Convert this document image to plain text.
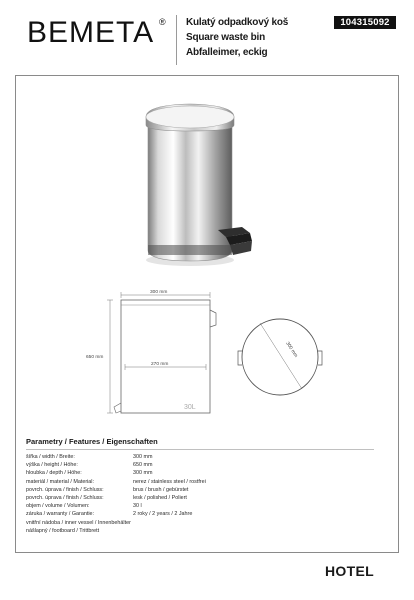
BEMETA ® Kulatý odpadkový koš
Square waste bin
Abfalleimer, eckig
104315092
300 mm
650 mm
270 mm
30L
300 mm
Parametry / Features / Eigenschaften
šířka / width / Breite:	300 mm
výška / height / Höhe:	650 mm
hloubka / depth / Höhe:	300 mm
materiál / material / Material:	nerez / stainless steel / rostfrei
povrch. úprava / finish / Schluss:	brus / brush / gebürstet
povrch. úprava / finish / Schluss:	lesk / polished / Poliert
objem / volume / Volumen:	30 l
záruka / warranty / Garantie:	2 roky / 2 years / 2 Jahre
vnitřní nádoba / inner vessel / Innenbehälter
nášlapný / footboard / Trittbrett
HOTEL
